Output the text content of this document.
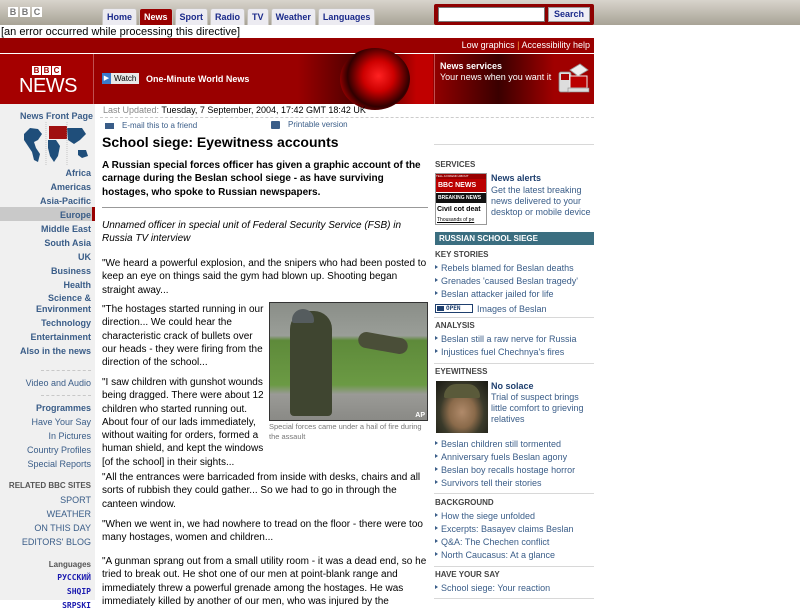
B B C	Home	News	Sport	Radio	TV	Weather	Languages	Search
[an error occurred while processing this directive]
Low graphics | Accessibility help
B B C
NEWS	▶ Watch	One-Minute World News
News services
Your news when you want it
News Front Page
Africa
Americas
Asia-Pacific
Europe
Middle East
South Asia
UK
Business
Health
Science & Environment
Technology
Entertainment
Also in the news
Video and Audio
Programmes
Have Your Say
In Pictures
Country Profiles
Special Reports
RELATED BBC SITES
SPORT
WEATHER
ON THIS DAY
EDITORS' BLOG
Languages
РУССКИЙ
SHQIP
SRPSKI
Last Updated: Tuesday, 7 September, 2004, 17:42 GMT 18:42 UK
E-mail this to a friend	Printable version
School siege: Eyewitness accounts

A Russian special forces officer has given a graphic account of the carnage during the Beslan school siege - as have surviving hostages, who spoke to Russian newspapers.

Unnamed officer in special unit of Federal Security Service (FSB) in Russia TV interview

"We heard a powerful explosion, and the snipers who had been posted to keep an eye on things said the gym had blown up. Shooting began straight away...

"The hostages started running in our direction... We could hear the characteristic crack of bullets over our heads - they were firing from the direction of the school...

"I saw children with gunshot wounds being dragged. There were about 12 children who started running out. About four of our lads immediately, without waiting for orders, formed a human shield, and kept the windows [of the school] in their sights...

AP
Special forces came under a hail of fire during the assault

"All the entrances were barricaded from inside with desks, chairs and all sorts of rubbish they could gather... So we had to go in through the canteen window.

"When we went in, we had nowhere to tread on the floor - there were too many hostages, women and children...

"A gunman sprang out from a small utility room - it was a dead end, so he tried to break out. He shot one of our men at point-blank range and immediately threw a powerful grenade among the hostages. He was immediately killed by another of our men, who was injured by the

SERVICES
TELL A FRIEND ABOUT
BBC NEWS
BREAKING NEWS
Civil cot deat
Thousands of pe
News alerts
Get the latest breaking news delivered to your desktop or mobile device
RUSSIAN SCHOOL SIEGE
KEY STORIES
Rebels blamed for Beslan deaths
Grenades 'caused Beslan tragedy'
Beslan attacker jailed for life
OPEN	Images of Beslan
ANALYSIS
Beslan still a raw nerve for Russia
Injustices fuel Chechnya's fires
EYEWITNESS
No solace
Trial of suspect brings little comfort to grieving relatives
Beslan children still tormented
Anniversary fuels Beslan agony
Beslan boy recalls hostage horror
Survivors tell their stories
BACKGROUND
How the siege unfolded
Excerpts: Basayev claims Beslan
Q&A: The Chechen conflict
North Caucasus: At a glance
HAVE YOUR SAY
School siege: Your reaction
